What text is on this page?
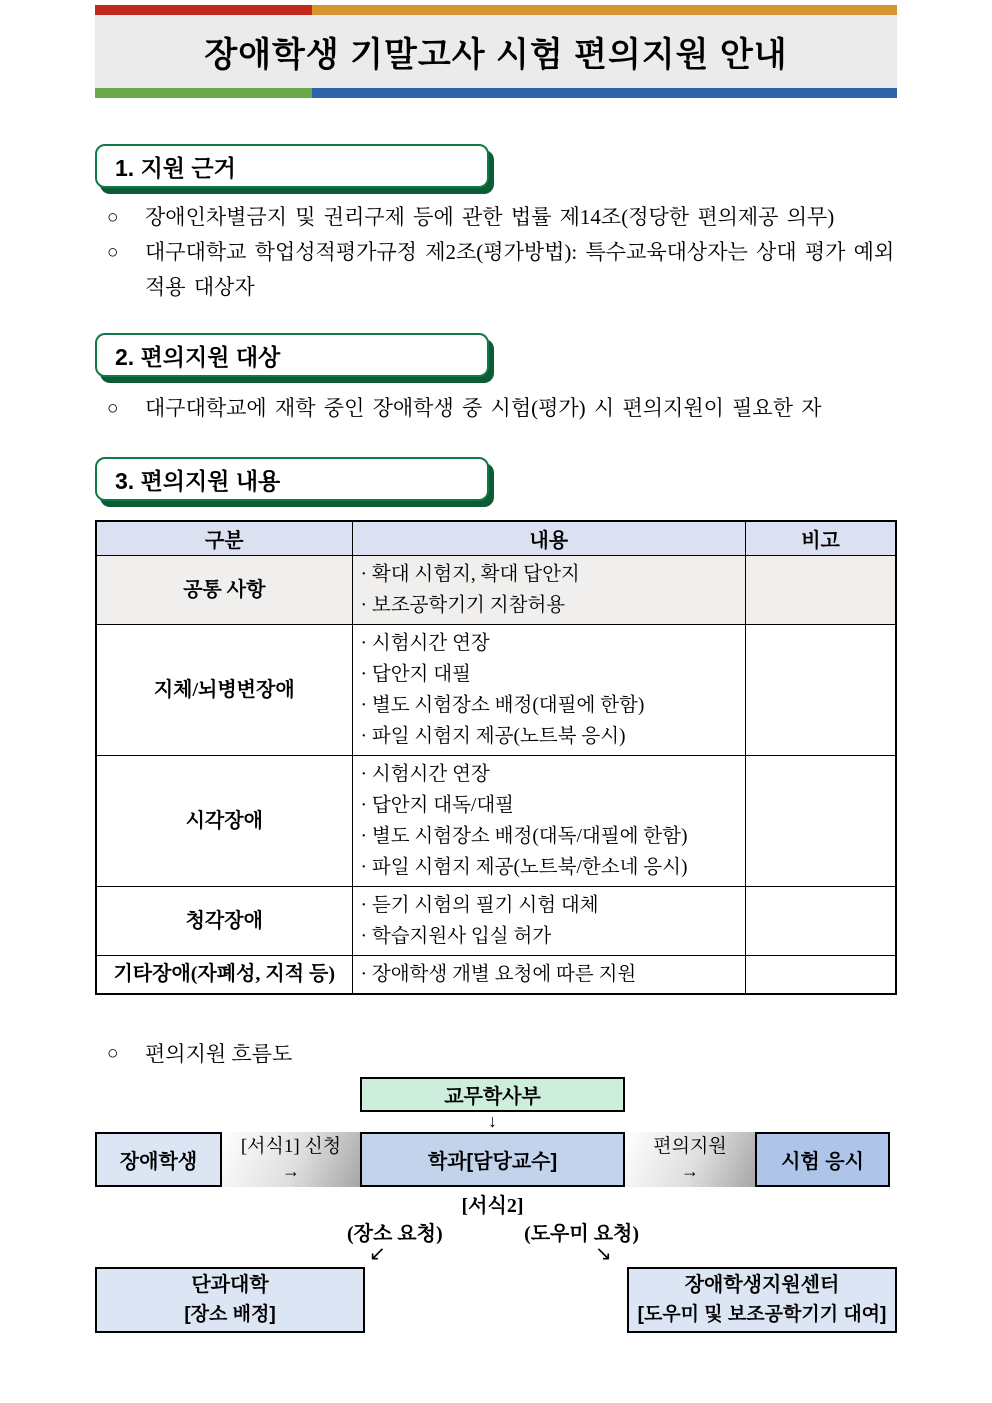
장애학생 기말고사 시험 편의지원 안내
1. 지원 근거
○	장애인차별금지 및 권리구제 등에 관한 법률 제14조(정당한 편의제공 의무)

○	대구대학교 학업성적평가규정 제2조(평가방법): 특수교육대상자는 상대 평가 예외 적용 대상자

2. 편의지원 대상
○	대구대학교에 재학 중인 장애학생 중 시험(평가) 시 편의지원이 필요한 자

3. 편의지원 내용
구분	내용	비고
공통 사항	· 확대 시험지, 확대 답안지
· 보조공학기기 지참허용	

지체/뇌병변장애	· 시험시간 연장
· 답안지 대필
· 별도 시험장소 배정(대필에 한함)
· 파일 시험지 제공(노트북 응시)	

시각장애	· 시험시간 연장
· 답안지 대독/대필
· 별도 시험장소 배정(대독/대필에 한함)
· 파일 시험지 제공(노트북/한소네 응시)	

청각장애	· 듣기 시험의 필기 시험 대체
· 학습지원사 입실 허가	

기타장애(자폐성, 지적 등)	· 장애학생 개별 요청에 따른 지원	

○	편의지원 흐름도
교무학사부
↓
장애학생
[서식1] 신청
→	학과[담당교수]
편의지원
→	시험 응시
[서식2]
(장소 요청)	(도우미 요청)
↙	↘
단과대학
[장소 배정]
장애학생지원센터
[도우미 및 보조공학기기 대여]
